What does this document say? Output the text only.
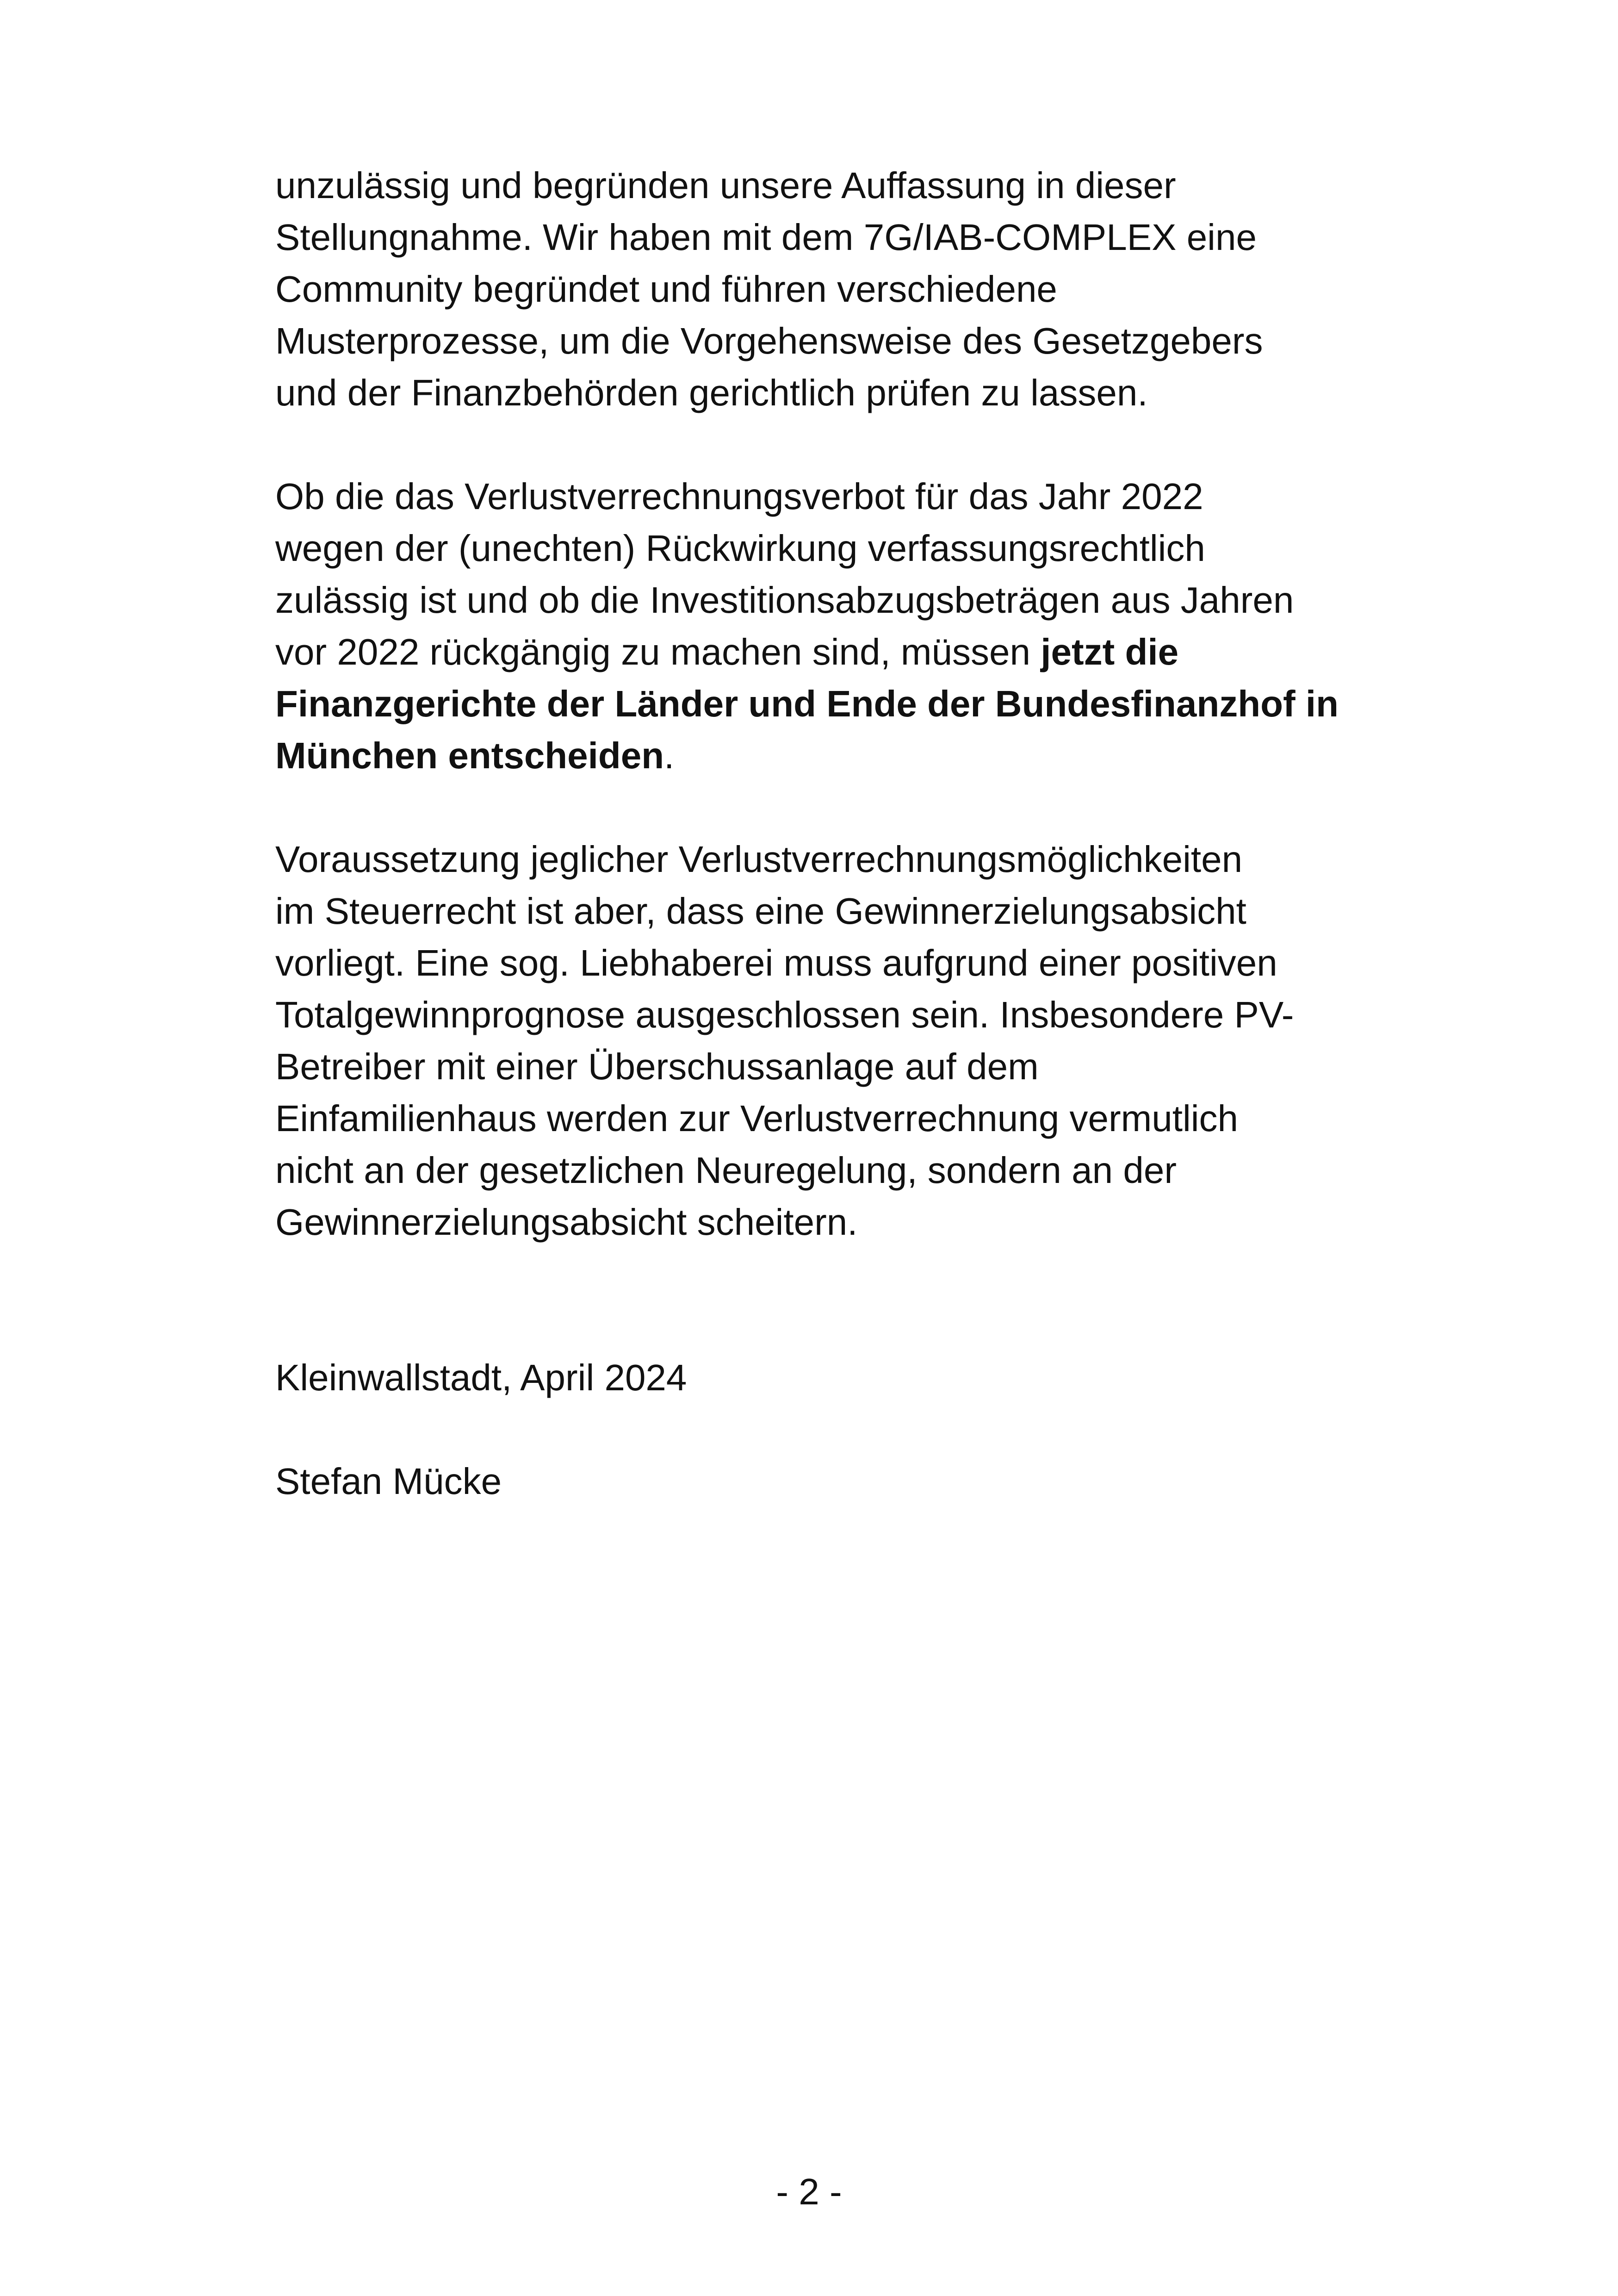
unzulässig und begründen unsere Auffassung in dieser
Stellungnahme. Wir haben mit dem 7G/IAB-COMPLEX eine
Community begründet und führen verschiedene
Musterprozesse, um die Vorgehensweise des Gesetzgebers
und der Finanzbehörden gerichtlich prüfen zu lassen.
Ob die das Verlustverrechnungsverbot für das Jahr 2022
wegen der (unechten) Rückwirkung verfassungsrechtlich
zulässig ist und ob die Investitionsabzugsbeträgen aus Jahren
vor 2022 rückgängig zu machen sind, müssen jetzt die
Finanzgerichte der Länder und Ende der Bundesfinanzhof in
München entscheiden.
Voraussetzung jeglicher Verlustverrechnungsmöglichkeiten
im Steuerrecht ist aber, dass eine Gewinnerzielungsabsicht
vorliegt. Eine sog. Liebhaberei muss aufgrund einer positiven
Totalgewinnprognose ausgeschlossen sein. Insbesondere PV-
Betreiber mit einer Überschussanlage auf dem
Einfamilienhaus werden zur Verlustverrechnung vermutlich
nicht an der gesetzlichen Neuregelung, sondern an der
Gewinnerzielungsabsicht scheitern.
Kleinwallstadt, April 2024
Stefan Mücke
- 2 -
